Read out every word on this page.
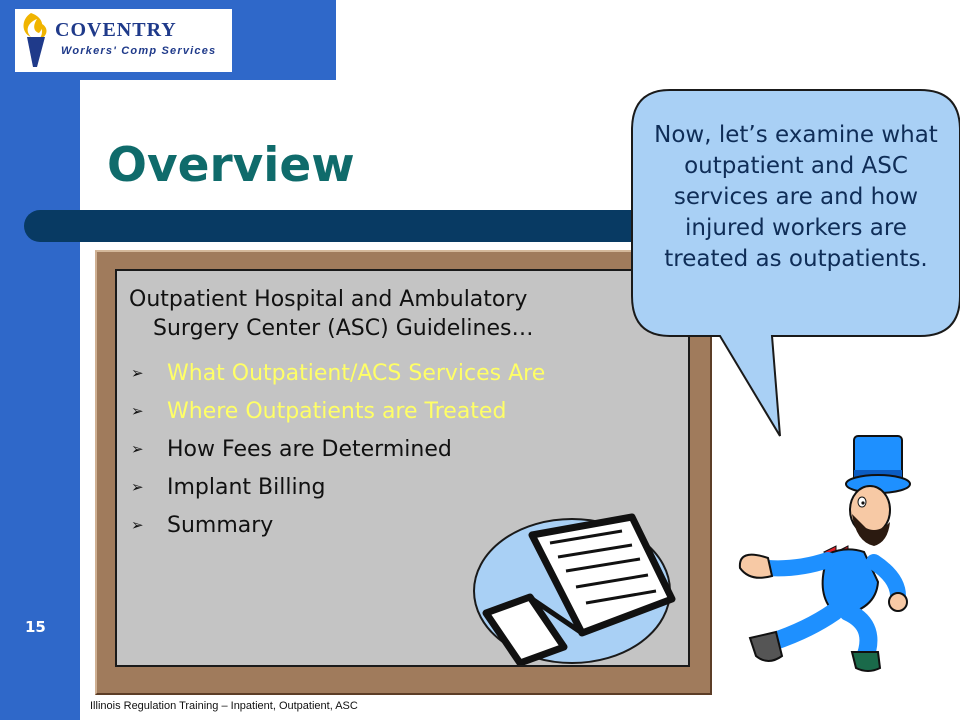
COVENTRY

Workers' Comp Services

Overview

Outpatient Hospital and Ambulatory Surgery Center (ASC) Guidelines…

➢	What Outpatient/ACS Services Are
➢	Where Outpatients are Treated
➢	How Fees are Determined
➢	Implant Billing
➢	Summary

Now, let’s examine what outpatient and ASC services are and how injured workers are treated as outpatients.

15

Illinois Regulation Training – Inpatient, Outpatient, ASC
